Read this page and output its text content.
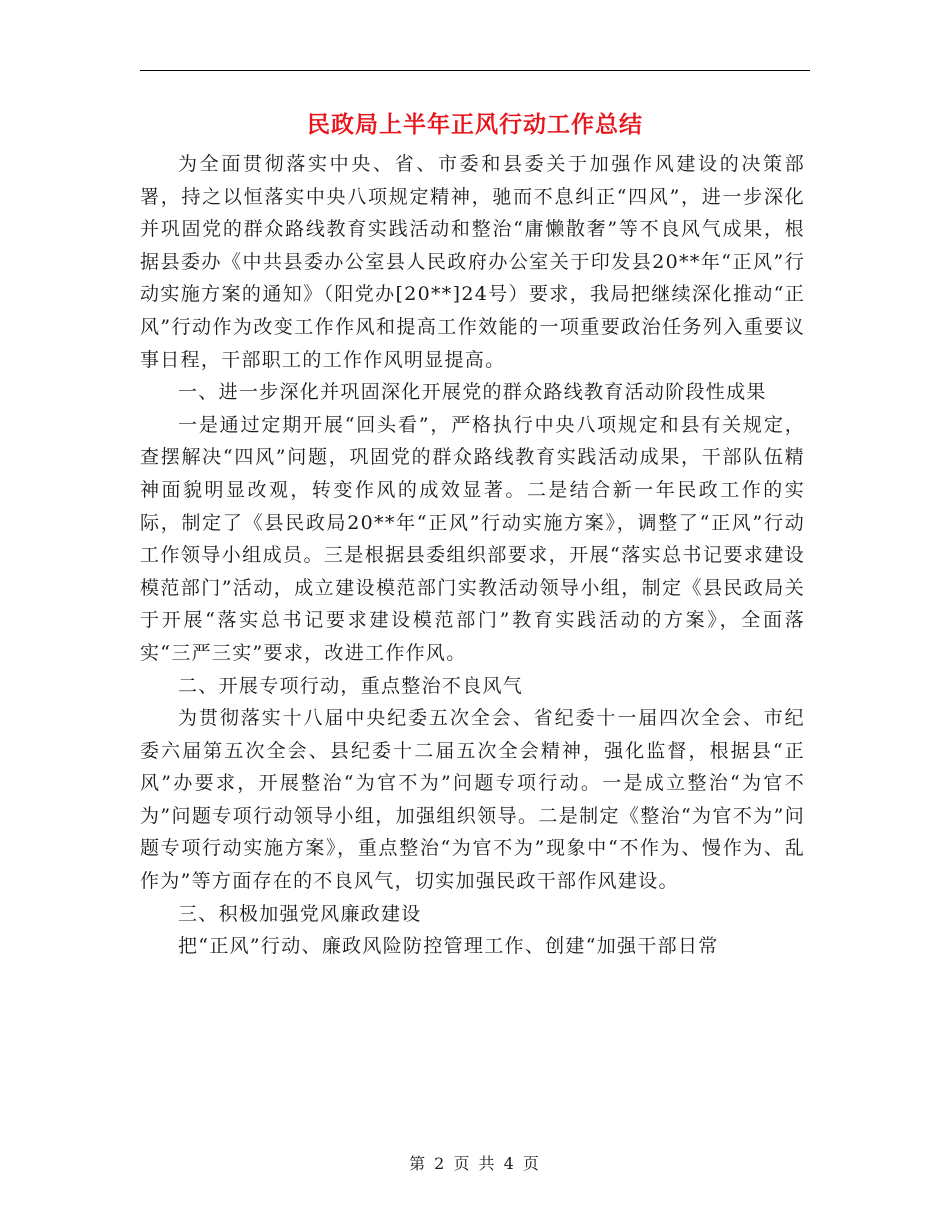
民政局上半年正风行动工作总结

为全面贯彻落实中央、省、市委和县委关于加强作风建设的决策部署，持之以恒落实中央八项规定精神，驰而不息纠正“四风”，进一步深化并巩固党的群众路线教育实践活动和整治“庸懒散奢”等不良风气成果，根据县委办《中共县委办公室县人民政府办公室关于印发县20**年“正风”行动实施方案的通知》（阳党办[20**]24号）要求，我局把继续深化推动“正风”行动作为改变工作作风和提高工作效能的一项重要政治任务列入重要议事日程，干部职工的工作作风明显提高。

一、进一步深化并巩固深化开展党的群众路线教育活动阶段性成果

一是通过定期开展“回头看”，严格执行中央八项规定和县有关规定，查摆解决“四风”问题，巩固党的群众路线教育实践活动成果，干部队伍精神面貌明显改观，转变作风的成效显著。二是结合新一年民政工作的实际，制定了《县民政局20**年“正风”行动实施方案》，调整了“正风”行动工作领导小组成员。三是根据县委组织部要求，开展“落实总书记要求建设模范部门”活动，成立建设模范部门实教活动领导小组，制定《县民政局关于开展“落实总书记要求建设模范部门”教育实践活动的方案》，全面落实“三严三实”要求，改进工作作风。

二、开展专项行动，重点整治不良风气

为贯彻落实十八届中央纪委五次全会、省纪委十一届四次全会、市纪委六届第五次全会、县纪委十二届五次全会精神，强化监督，根据县“正风”办要求，开展整治“为官不为”问题专项行动。一是成立整治“为官不为”问题专项行动领导小组，加强组织领导。二是制定《整治“为官不为”问题专项行动实施方案》，重点整治“为官不为”现象中“不作为、慢作为、乱作为”等方面存在的不良风气，切实加强民政干部作风建设。

三、积极加强党风廉政建设

把“正风”行动、廉政风险防控管理工作、创建“加强干部日常

第 2 页 共 4 页
